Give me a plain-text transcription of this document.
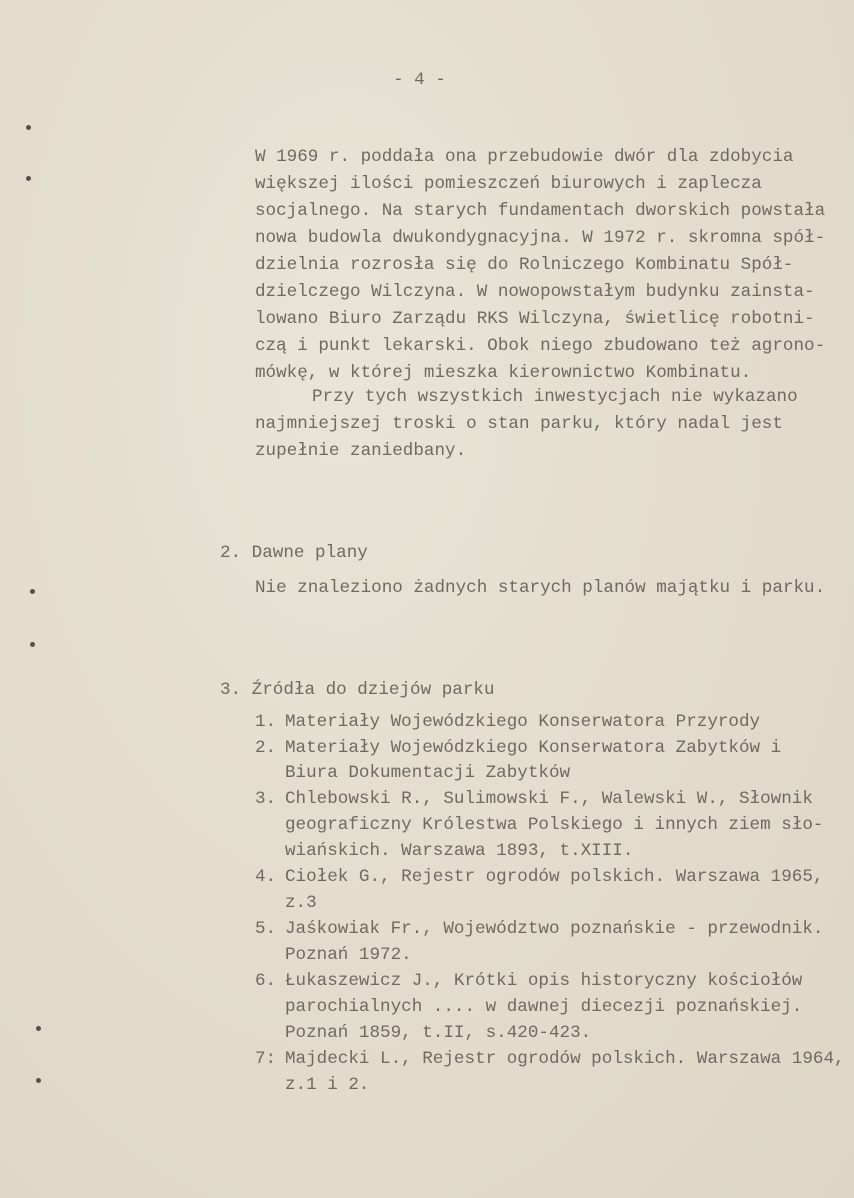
- 4 -
W 1969 r. poddała ona przebudowie dwór dla zdobycia
większej ilości pomieszczeń biurowych i zaplecza
socjalnego. Na starych fundamentach dworskich powstała
nowa budowla dwukondygnacyjna. W 1972 r. skromna spół-
dzielnia rozrosła się do Rolniczego Kombinatu Spół-
dzielczego Wilczyna. W nowopowstałym budynku zainsta-
lowano Biuro Zarządu RKS Wilczyna, świetlicę robotni-
czą i punkt lekarski. Obok niego zbudowano też agrono-
mówkę, w której mieszka kierownictwo Kombinatu.
Przy tych wszystkich inwestycjach nie wykazano
najmniejszej troski o stan parku, który nadal jest
zupełnie zaniedbany.
2. Dawne plany
Nie znaleziono żadnych starych planów majątku i parku.
3. Źródła do dziejów parku
1. Materiały Wojewódzkiego Konserwatora Przyrody
2. Materiały Wojewódzkiego Konserwatora Zabytków i
Biura Dokumentacji Zabytków
3. Chlebowski R., Sulimowski F., Walewski W., Słownik
geograficzny Królestwa Polskiego i innych ziem sło-
wiańskich. Warszawa 1893, t.XIII.
4. Ciołek G., Rejestr ogrodów polskich. Warszawa 1965,
z.3
5. Jaśkowiak Fr., Województwo poznańskie - przewodnik.
Poznań 1972.
6. Łukaszewicz J., Krótki opis historyczny kościołów
parochialnych .... w dawnej diecezji poznańskiej.
Poznań 1859, t.II, s.420-423.
7: Majdecki L., Rejestr ogrodów polskich. Warszawa 1964,
z.1 i 2.
